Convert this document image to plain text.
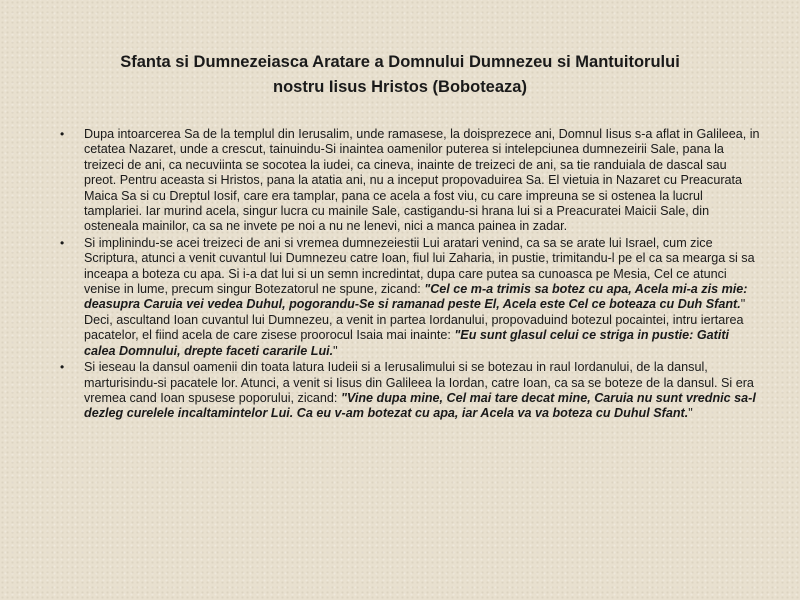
Sfanta si Dumnezeiasca Aratare a Domnului Dumnezeu si Mantuitorului
nostru Iisus Hristos (Boboteaza)
• Dupa intoarcerea Sa de la templul din Ierusalim, unde ramasese, la doisprezece ani, Domnul Iisus s-a aflat in Galileea, in cetatea Nazaret, unde a crescut, tainuindu-Si inaintea oamenilor puterea si intelepciunea dumnezeirii Sale, pana la treizeci de ani, ca necuviinta se socotea la iudei, ca cineva, inainte de treizeci de ani, sa tie randuiala de dascal sau preot. Pentru aceasta si Hristos, pana la atatia ani, nu a inceput propovaduirea Sa. El vietuia in Nazaret cu Preacurata Maica Sa si cu Dreptul Iosif, care era tamplar, pana ce acela a fost viu, cu care impreuna se si ostenea la lucrul tamplariei. Iar murind acela, singur lucra cu mainile Sale, castigandu-si hrana lui si a Preacuratei Maicii Sale, din osteneala mainilor, ca sa ne invete pe noi a nu ne lenevi, nici a manca painea in zadar.
• Si implinindu-se acei treizeci de ani si vremea dumnezeiestii Lui aratari venind, ca sa se arate lui Israel, cum zice Scriptura, atunci a venit cuvantul lui Dumnezeu catre Ioan, fiul lui Zaharia, in pustie, trimitandu-l pe el ca sa mearga si sa inceapa a boteza cu apa. Si i-a dat lui si un semn incredintat, dupa care putea sa cunoasca pe Mesia, Cel ce atunci venise in lume, precum singur Botezatorul ne spune, zicand: "Cel ce m-a trimis sa botez cu apa, Acela mi-a zis mie: deasupra Caruia vei vedea Duhul, pogorandu-Se si ramanad peste El, Acela este Cel ce boteaza cu Duh Sfant." Deci, ascultand Ioan cuvantul lui Dumnezeu, a venit in partea Iordanului, propovaduind botezul pocaintei, intru iertarea pacatelor, el fiind acela de care zisese proorocul Isaia mai inainte: "Eu sunt glasul celui ce striga in pustie: Gatiti calea Domnului, drepte faceti cararile Lui."
• Si ieseau la dansul oamenii din toata latura Iudeii si a Ierusalimului si se botezau in raul Iordanului, de la dansul, marturisindu-si pacatele lor. Atunci, a venit si Iisus din Galileea la Iordan, catre Ioan, ca sa se boteze de la dansul. Si era vremea cand Ioan spusese poporului, zicand: "Vine dupa mine, Cel mai tare decat mine, Caruia nu sunt vrednic sa-l dezleg curelele incaltamintelor Lui. Ca eu v-am botezat cu apa, iar Acela va va boteza cu Duhul Sfant."
